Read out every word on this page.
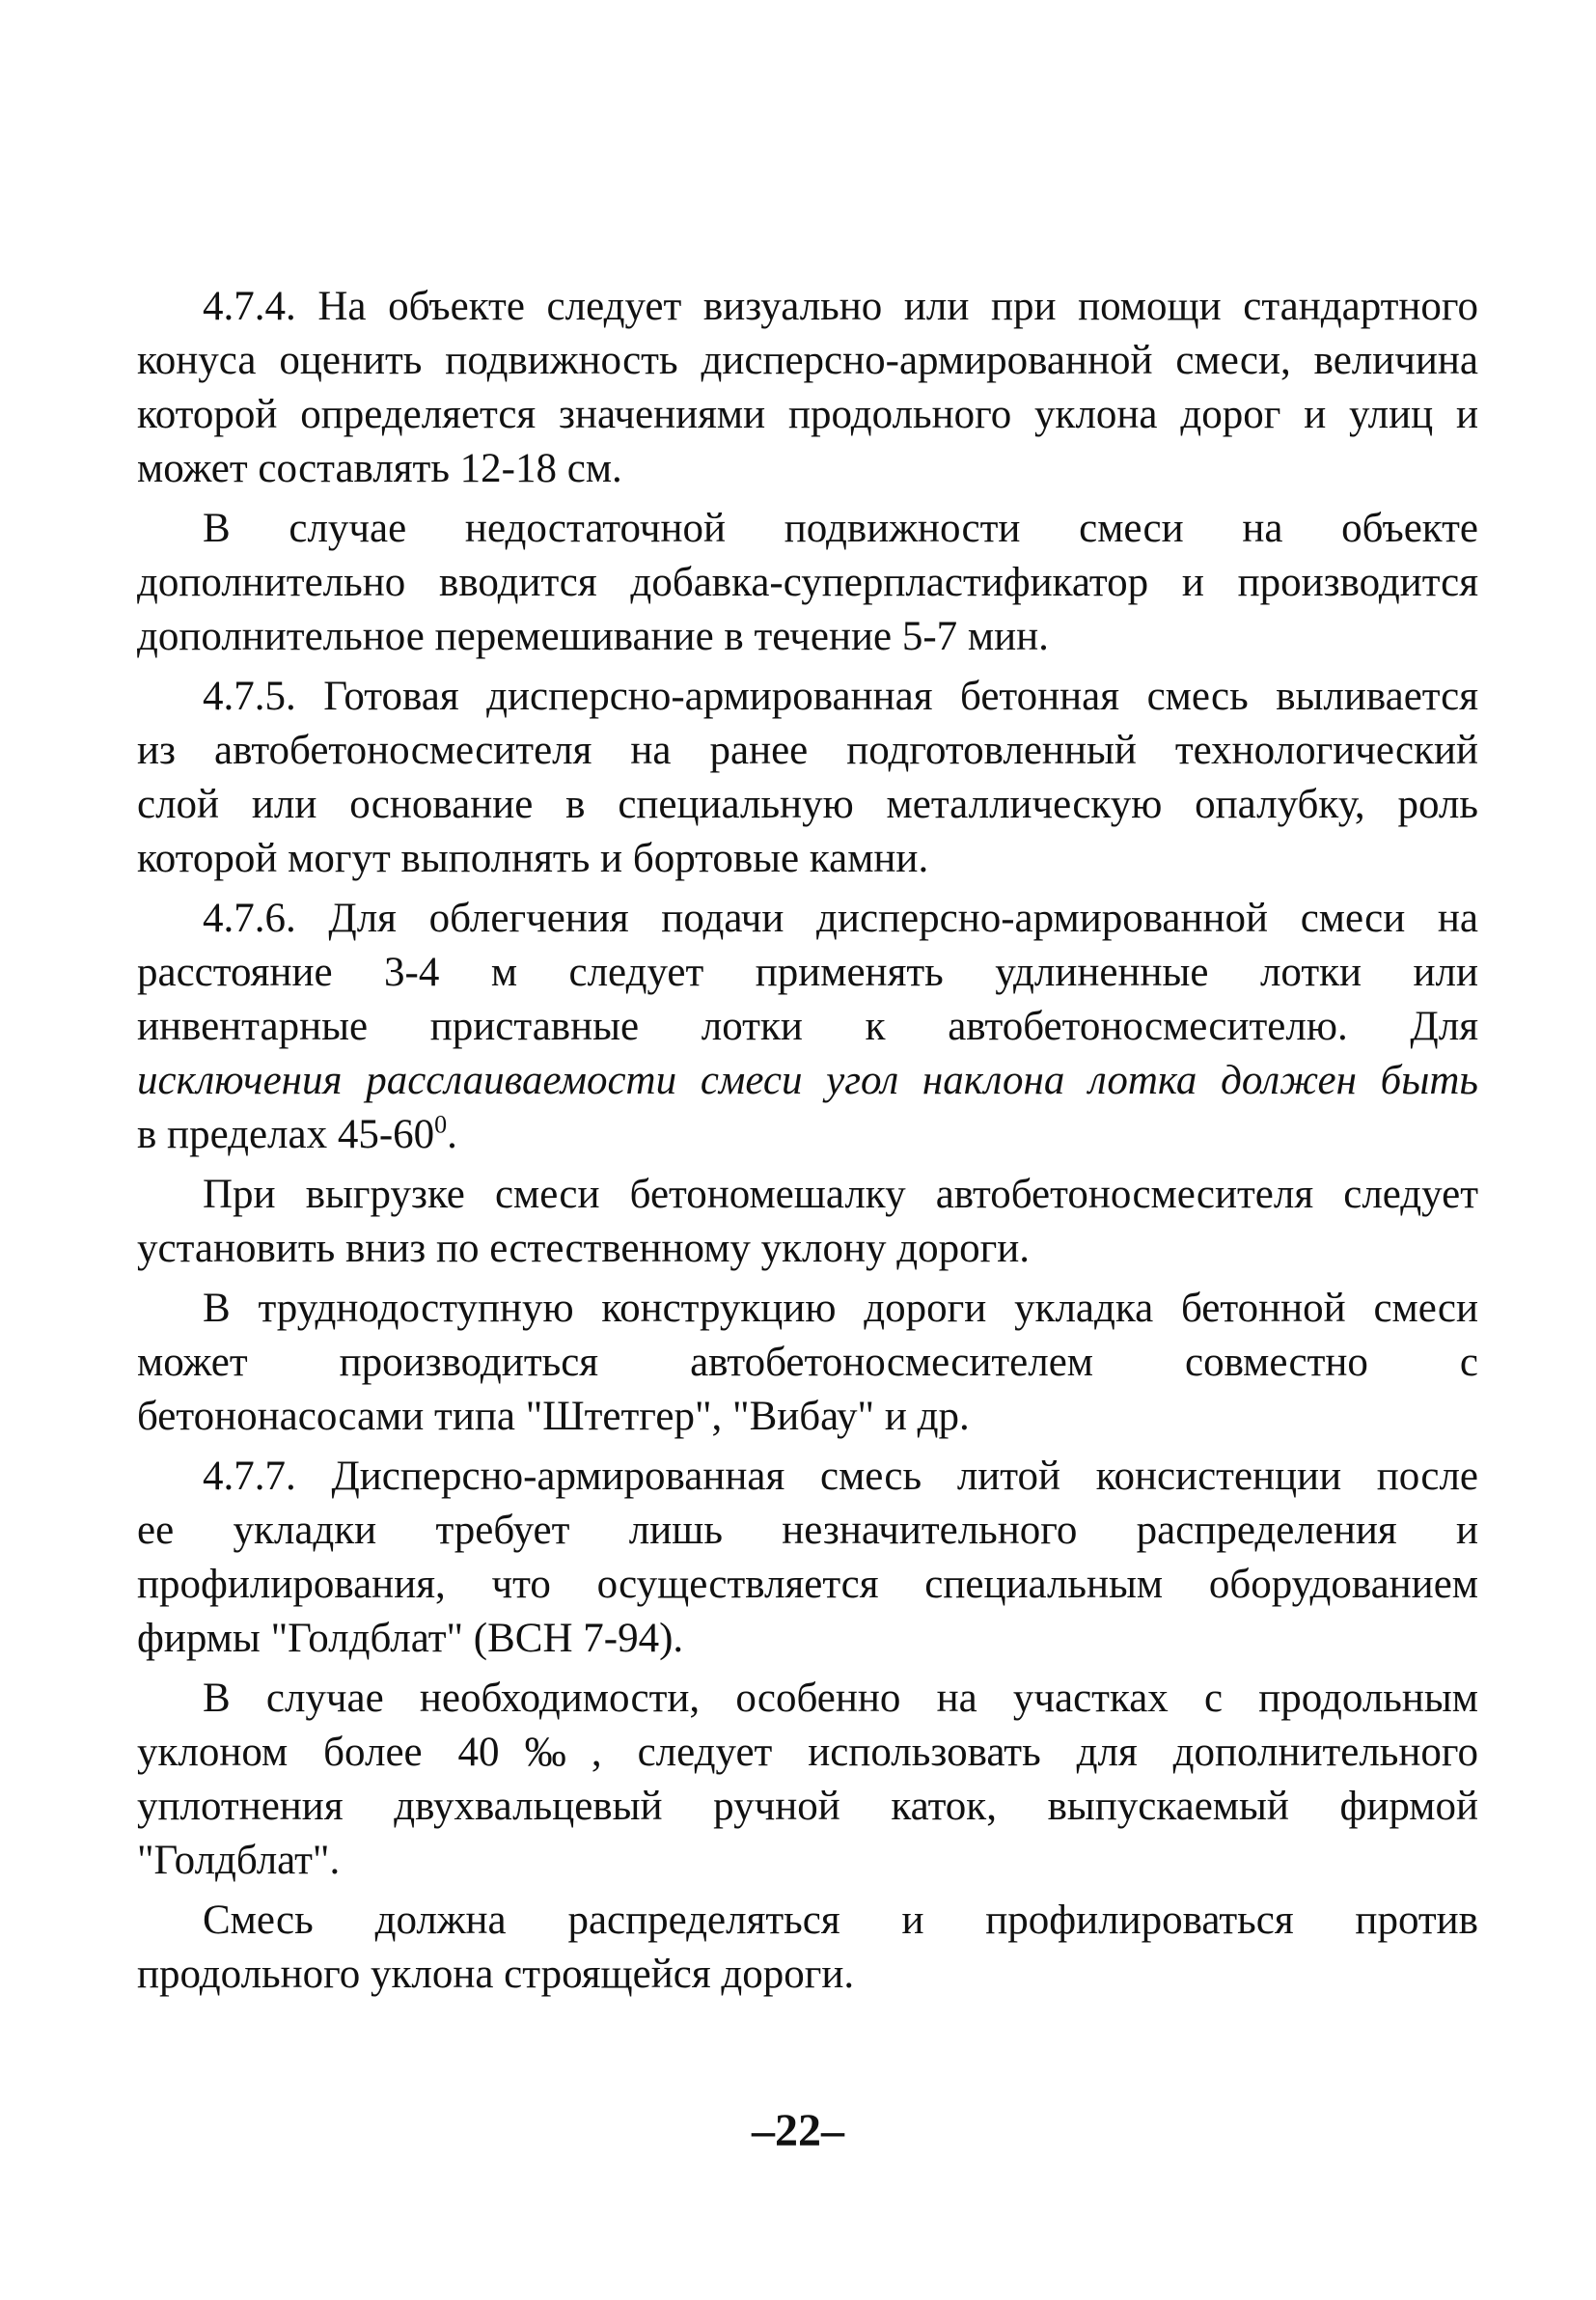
4.7.4. На объекте следует визуально или при помощи стандартного
конуса оценить подвижность дисперсно-армированной смеси, величина
которой определяется значениями продольного уклона дорог и улиц и
может составлять 12-18 см.
В случае недостаточной подвижности смеси на объекте
дополнительно вводится добавка-суперпластификатор и производится
дополнительное перемешивание в течение 5-7 мин.
4.7.5. Готовая дисперсно-армированная бетонная смесь выливается
из автобетоносмесителя на ранее подготовленный технологический
слой или основание в специальную металлическую опалубку, роль
которой могут выполнять и бортовые камни.
4.7.6. Для облегчения подачи дисперсно-армированной смеси на
расстояние 3-4 м следует применять удлиненные лотки или
инвентарные приставные лотки к автобетоносмесителю. Для
исключения расслаиваемости смеси угол наклона лотка должен быть
в пределах $45-60^0$.
При выгрузке смеси бетономешалку автобетоносмесителя следует
установить вниз по естественному уклону дороги.
В труднодоступную конструкцию дороги укладка бетонной смеси
может производиться автобетоносмесителем совместно с
бетононасосами типа "Штетгер", "Вибау" и др.
4.7.7. Дисперсно-армированная смесь литой консистенции после
ее укладки требует лишь незначительного распределения и
профилирования, что осуществляется специальным оборудованием
фирмы "Голдблат" (ВСН 7-94).
В случае необходимости, особенно на участках с продольным
уклоном более 40‰, следует использовать для дополнительного
уплотнения двухвальцевый ручной каток, выпускаемый фирмой
"Голдблат".
Смесь должна распределяться и профилироваться против
продольного уклона строящейся дороги.
–22–
